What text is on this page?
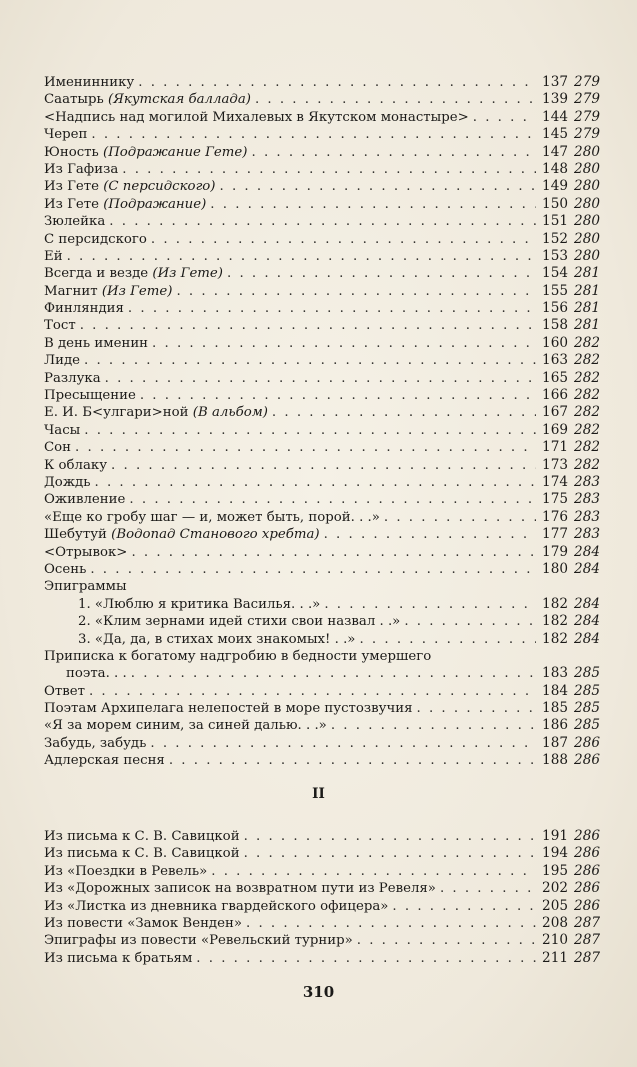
Имениннику . . .	137 279
Саатырь (Якутская баллада) . . .	139 279
<Надпись над могилой Михалевых в Якутском монастыре> . . .	144 279
Череп . . .	145 279
Юность (Подражание Гете) . . .	147 280
Из Гафиза . . .	148 280
Из Гете (С персидского) . . .	149 280
Из Гете (Подражание) . . .	150 280
Зюлейка . . .	151 280
С персидского . . .	152 280
Ей . . .	153 280
Всегда и везде (Из Гете) . . .	154 281
Магнит (Из Гете) . . .	155 281
Финляндия . . .	156 281
Тост . . .	158 281
В день именин . . .	160 282
Лиде . . .	163 282
Разлука . . .	165 282
Пресыщение . . .	166 282
Е. И. Б<улгари>ной (В альбом) . . .	167 282
Часы . . .	169 282
Сон . . .	171 282
К облаку . . .	173 282
Дождь . . .	174 283
Оживление . . .	175 283
«Еще ко гробу шаг — и, может быть, порой. . .» . . .	176 283
Шебутуй (Водопад Станового хребта) . . .	177 283
<Отрывок> . . .	179 284
Осень . . .	180 284
Эпиграммы
1. «Люблю я критика Василья. . .» . . .	182 284
2. «Клим зернами идей стихи свои назвал . .» . . .	182 284
3. «Да, да, в стихах моих знакомых! . .» . . .	182 284
Приписка к богатому надгробию в бедности умершего
поэта. . . . . .	183 285
Ответ . . .	184 285
Поэтам Архипелага нелепостей в море пустозвучия . . .	185 285
«Я за морем синим, за синей далью. . .» . . .	186 285
Забудь, забудь . . .	187 286
Адлерская песня . . .	188 286
II
Из письма к С. В. Савицкой . . .	191 286
Из письма к С. В. Савицкой . . .	194 286
Из «Поездки в Ревель» . . .	195 286
Из «Дорожных записок на возвратном пути из Ревеля» . . .	202 286
Из «Листка из дневника гвардейского офицера» . . .	205 286
Из повести «Замок Венден» . . .	208 287
Эпиграфы из повести «Ревельский турнир» . . .	210 287
Из письма к братьям . . .	211 287
310
